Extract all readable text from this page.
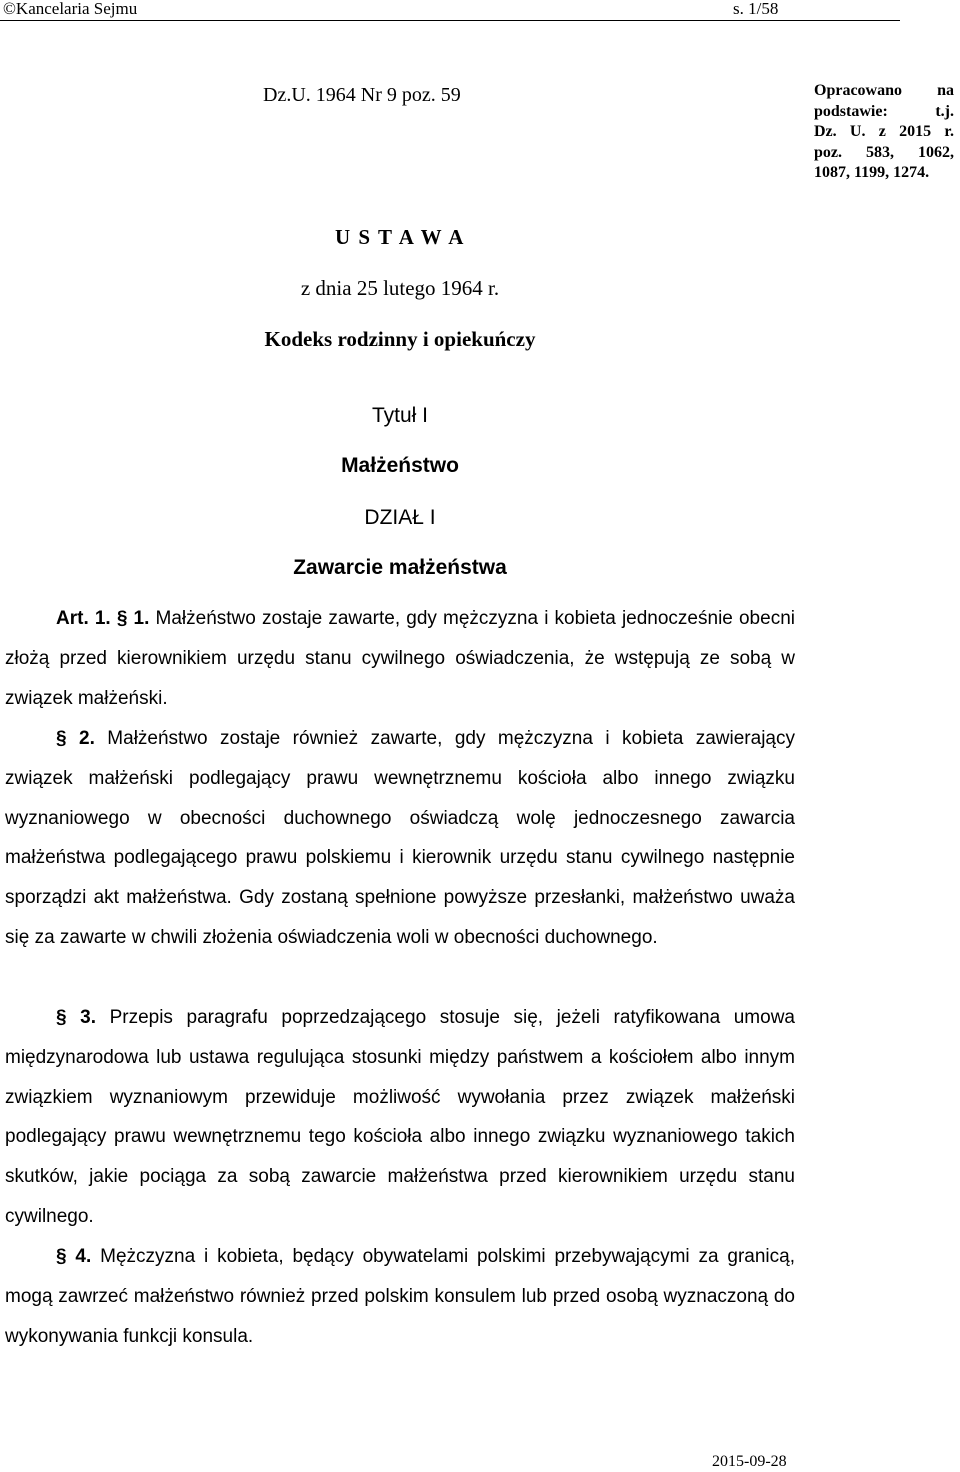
©Kancelaria Sejmu	s. 1/58
Dz.U. 1964 Nr 9 poz. 59	Opracowano na
podstawie: t.j.
Dz. U. z 2015 r.
poz. 583, 1062,
1087, 1199, 1274.
U S T A W A
z dnia 25 lutego 1964 r.
Kodeks rodzinny i opiekuńczy
Tytuł I
Małżeństwo
DZIAŁ I
Zawarcie małżeństwa
Art. 1. § 1. Małżeństwo zostaje zawarte, gdy mężczyzna i kobieta jednocześnie obecni złożą przed kierownikiem urzędu stanu cywilnego oświadczenia, że wstępują ze sobą w związek małżeński.
§ 2. Małżeństwo zostaje również zawarte, gdy mężczyzna i kobieta zawierający związek małżeński podlegający prawu wewnętrznemu kościoła albo innego związku wyznaniowego w obecności duchownego oświadczą wolę jednoczesnego zawarcia małżeństwa podlegającego prawu polskiemu i kierownik urzędu stanu cywilnego następnie sporządzi akt małżeństwa. Gdy zostaną spełnione powyższe przesłanki, małżeństwo uważa się za zawarte w chwili złożenia oświadczenia woli w obecności duchownego.
§ 3. Przepis paragrafu poprzedzającego stosuje się, jeżeli ratyfikowana umowa międzynarodowa lub ustawa regulująca stosunki między państwem a kościołem albo innym związkiem wyznaniowym przewiduje możliwość wywołania przez związek małżeński podlegający prawu wewnętrznemu tego kościoła albo innego związku wyznaniowego takich skutków, jakie pociąga za sobą zawarcie małżeństwa przed kierownikiem urzędu stanu cywilnego.
§ 4. Mężczyzna i kobieta, będący obywatelami polskimi przebywającymi za granicą, mogą zawrzeć małżeństwo również przed polskim konsulem lub przed osobą wyznaczoną do wykonywania funkcji konsula.
2015-09-28
